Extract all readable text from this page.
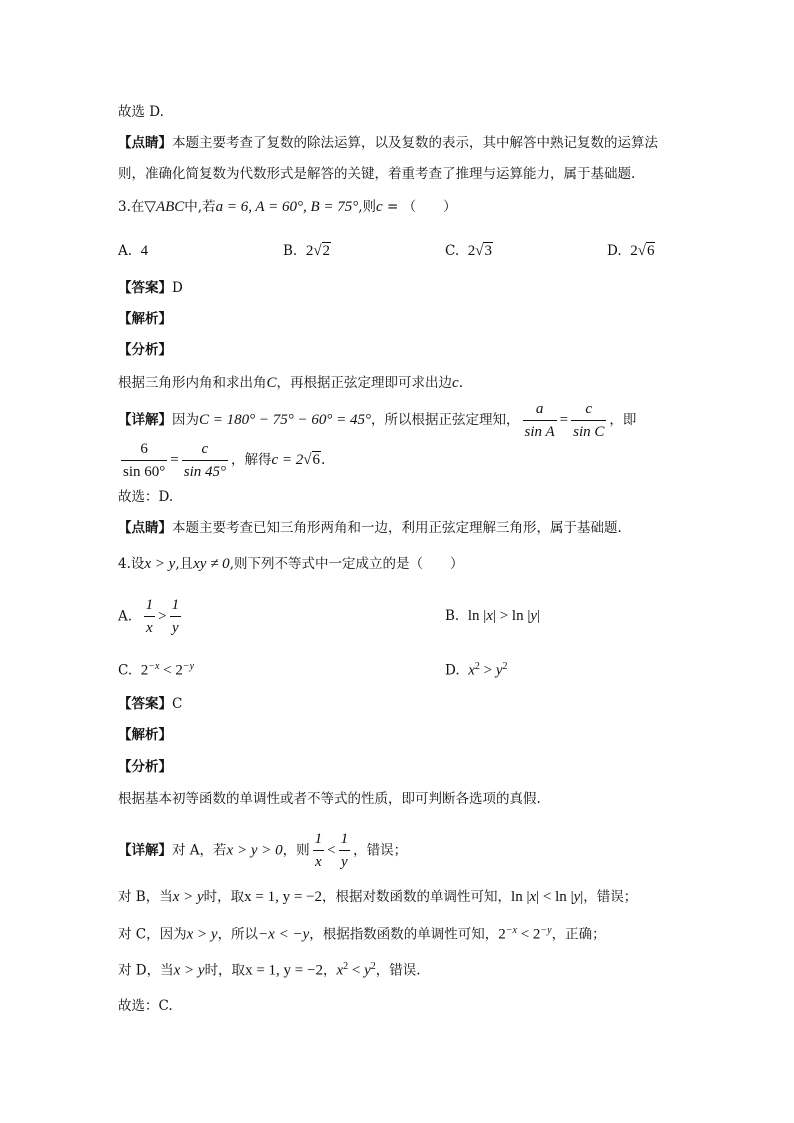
故选 D.
【点睛】本题主要考查了复数的除法运算，以及复数的表示，其中解答中熟记复数的运算法
则，准确化简复数为代数形式是解答的关键，着重考查了推理与运算能力，属于基础题.
3.在▽ABC中,若a = 6, A = 60°, B = 75°,则c = （　　）
A. 4	B. 2√2	C. 2√3	D. 2√6
【答案】D
【解析】
【分析】
根据三角形内角和求出角C，再根据正弦定理即可求出边c.
【详解】因为C = 180° − 75° − 60° = 45°，所以根据正弦定理知， $\frac{a}{\text{sin A}} = \frac{c}{\text{sin C}}$ ，即
$\frac{6}{\sin 60^\circ} = \frac{c}{\sin 45^\circ}$ ，解得c = 2√6.
故选：D.
【点睛】本题主要考查已知三角形两角和一边，利用正弦定理解三角形，属于基础题.
4.设x > y,且xy ≠ 0,则下列不等式中一定成立的是（　　）
A. $\frac{1}{x} > \frac{1}{y}$	B. ln |x| > ln |y|
C. $2^{-x} < 2^{-y}$	D. $x^2 > y^2$
【答案】C
【解析】
【分析】
根据基本初等函数的单调性或者不等式的性质，即可判断各选项的真假.
【详解】对 A，若x > y > 0，则 $\frac{1}{x} < \frac{1}{y}$ ，错误；
对 B，当x > y时，取x = 1, y = −2，根据对数函数的单调性可知，ln |x| < ln |y|，错误；
对 C，因为x > y，所以−x < −y，根据指数函数的单调性可知，$2^{-x} < 2^{-y}$，正确；
对 D，当x > y时，取x = 1, y = −2，$x^2 < y^2$，错误.
故选：C.
